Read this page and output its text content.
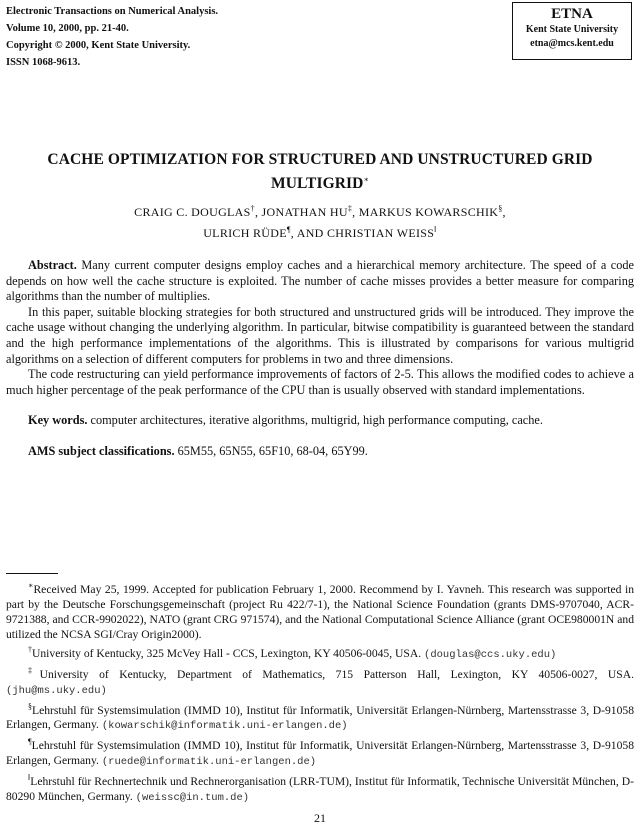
Electronic Transactions on Numerical Analysis.
Volume 10, 2000, pp. 21-40.
Copyright © 2000, Kent State University.
ISSN 1068-9613.
ETNA
Kent State University
etna@mcs.kent.edu
CACHE OPTIMIZATION FOR STRUCTURED AND UNSTRUCTURED GRID MULTIGRID∗
CRAIG C. DOUGLAS†, JONATHAN HU‡, MARKUS KOWARSCHIK§,
ULRICH RÜDE¶, AND CHRISTIAN WEISS‖

Abstract. Many current computer designs employ caches and a hierarchical memory architecture. The speed of a code depends on how well the cache structure is exploited. The number of cache misses provides a better measure for comparing algorithms than the number of multiplies.

In this paper, suitable blocking strategies for both structured and unstructured grids will be introduced. They improve the cache usage without changing the underlying algorithm. In particular, bitwise compatibility is guaranteed between the standard and the high performance implementations of the algorithms. This is illustrated by comparisons for various multigrid algorithms on a selection of different computers for problems in two and three dimensions.

The code restructuring can yield performance improvements of factors of 2-5. This allows the modified codes to achieve a much higher percentage of the peak performance of the CPU than is usually observed with standard implementations.

Key words. computer architectures, iterative algorithms, multigrid, high performance computing, cache.

AMS subject classifications. 65M55, 65N55, 65F10, 68-04, 65Y99.

∗Received May 25, 1999. Accepted for publication February 1, 2000. Recommend by I. Yavneh. This research was supported in part by the Deutsche Forschungsgemeinschaft (project Ru 422/7-1), the National Science Foundation (grants DMS-9707040, ACR-9721388, and CCR-9902022), NATO (grant CRG 971574), and the National Computational Science Alliance (grant OCE980001N and utilized the NCSA SGI/Cray Origin2000).

†University of Kentucky, 325 McVey Hall - CCS, Lexington, KY 40506-0045, USA. (douglas@ccs.uky.edu)

‡University of Kentucky, Department of Mathematics, 715 Patterson Hall, Lexington, KY 40506-0027, USA. (jhu@ms.uky.edu)

§Lehrstuhl für Systemsimulation (IMMD 10), Institut für Informatik, Universität Erlangen-Nürnberg, Martensstrasse 3, D-91058 Erlangen, Germany. (kowarschik@informatik.uni-erlangen.de)

¶Lehrstuhl für Systemsimulation (IMMD 10), Institut für Informatik, Universität Erlangen-Nürnberg, Martensstrasse 3, D-91058 Erlangen, Germany. (ruede@informatik.uni-erlangen.de)

‖Lehrstuhl für Rechnertechnik und Rechnerorganisation (LRR-TUM), Institut für Informatik, Technische Universität München, D-80290 München, Germany. (weissc@in.tum.de)

21
